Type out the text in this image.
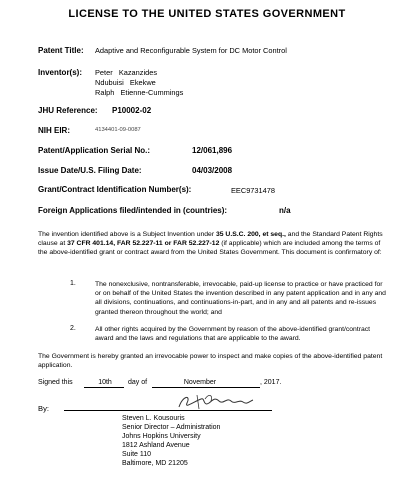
LICENSE TO THE UNITED STATES GOVERNMENT
Patent Title: Adaptive and Reconfigurable System for DC Motor Control
Inventor(s): Peter   Kazanzides
Ndubuisi   Ekekwe
Ralph   Etienne-Cummings
JHU Reference: P10002-02
NIH EIR:	4134401-09-0087
Patent/Application Serial No.:	12/061,896
Issue Date/U.S. Filing Date:	04/03/2008
Grant/Contract Identification Number(s):	EEC9731478
Foreign Applications filed/intended in (countries):	n/a
The invention identified above is a Subject Invention under 35 U.S.C. 200, et seq., and the Standard Patent Rights clause at 37 CFR 401.14, FAR 52.227-11 or FAR 52.227-12 (if applicable) which are included among the terms of the above-identified grant or contract award from the United States Government. This document is confirmatory of:
1.	The nonexclusive, nontransferable, irrevocable, paid-up license to practice or have practiced for or on behalf of the United States the invention described in any patent application and in any and all divisions, continuations, and continuations-in-part, and in any and all patents and re-issues granted thereon throughout the world; and
2.	All other rights acquired by the Government by reason of the above-identified grant/contract award and the laws and regulations that are applicable to the award.
The Government is hereby granted an irrevocable power to inspect and make copies of the above-identified patent application.
Signed this	10th	day of	November	, 2017.
By:
Steven L. Kousouris
Senior Director – Administration
Johns Hopkins University
1812 Ashland Avenue
Suite 110
Baltimore, MD 21205
